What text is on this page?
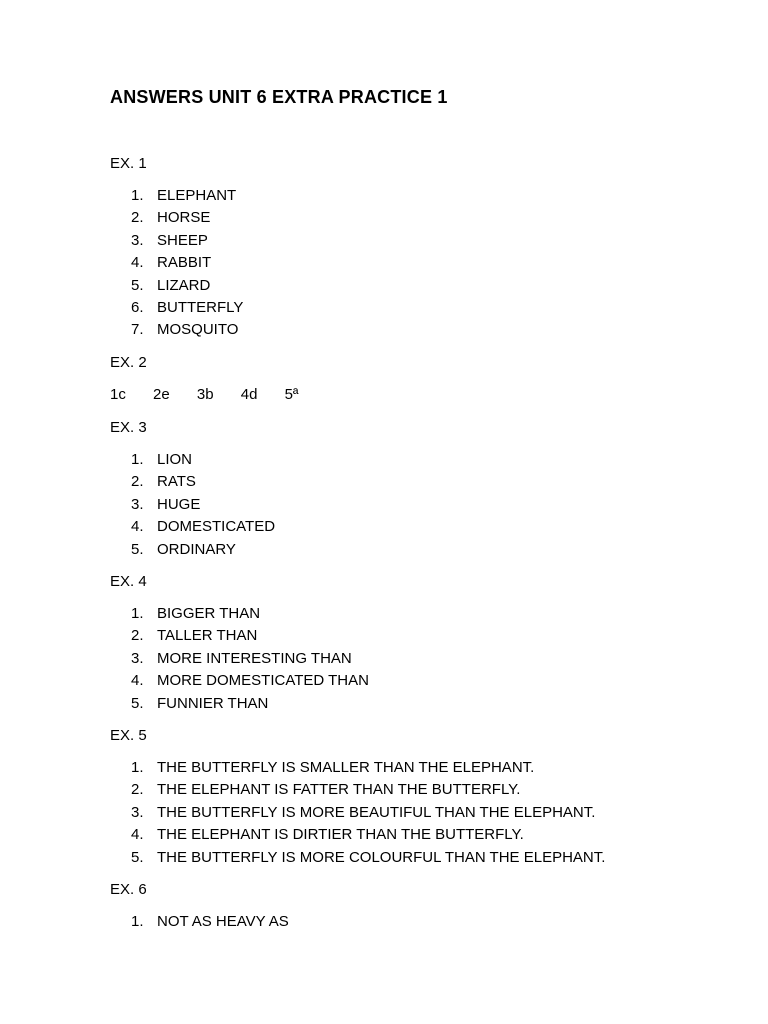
ANSWERS UNIT 6 EXTRA PRACTICE 1
EX. 1
1. ELEPHANT
2. HORSE
3. SHEEP
4. RABBIT
5. LIZARD
6. BUTTERFLY
7. MOSQUITO
EX. 2
1c 2e 3b 4d 5ª
EX. 3
1. LION
2. RATS
3. HUGE
4. DOMESTICATED
5. ORDINARY
EX. 4
1. BIGGER THAN
2. TALLER THAN
3. MORE INTERESTING THAN
4. MORE DOMESTICATED THAN
5. FUNNIER THAN
EX. 5
1. THE BUTTERFLY IS SMALLER THAN THE ELEPHANT.
2. THE ELEPHANT IS FATTER THAN THE BUTTERFLY.
3. THE BUTTERFLY IS MORE BEAUTIFUL THAN THE ELEPHANT.
4. THE ELEPHANT IS DIRTIER THAN THE BUTTERFLY.
5. THE BUTTERFLY IS MORE COLOURFUL THAN THE ELEPHANT.
EX. 6
1. NOT AS HEAVY AS
